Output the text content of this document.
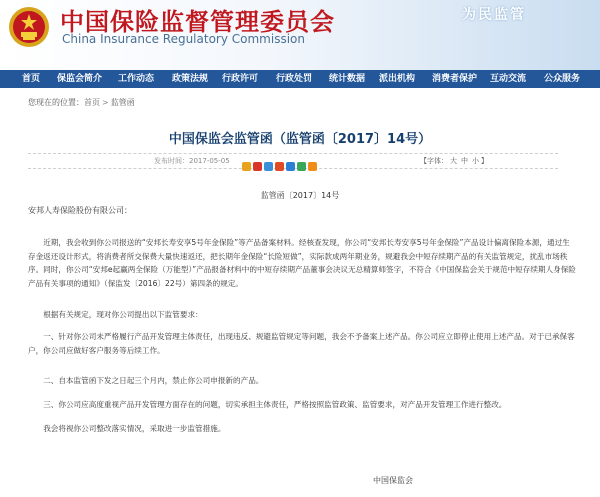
中国保险监督管理委员会
China Insurance Regulatory Commission
为民监管
首页 保监会简介 工作动态 政策法规 行政许可 行政处罚 统计数据 派出机构 消费者保护 互动交流 公众服务
您现在的位置：首页 > 监管函
中国保监会监管函（监管函〔2017〕14号）
发布时间：2017-05-05	【字体： 大 中 小 】
监管函〔2017〕14号
安邦人寿保险股份有限公司：
近期，我会收到你公司报送的“安邦长寿安享5号年金保险”等产品备案材料。经核查发现，你公司“安邦长寿安享5号年金保险”产品设计偏离保险本源，通过生存金返还设计形式，将消费者所交保费大量快速返还，把长期年金保险“长险短做”，实际款成两年期业务，规避我会中短存续期产品的有关监管规定，扰乱市场秩序。同时，你公司“安邦e起赢两全保险（万能型）”产品报备材料中的中短存续期产品董事会决议无总精算师签字，不符合《中国保监会关于规范中短存续期人身保险产品有关事项的通知》（保监发〔2016〕22号）第四条的规定。
根据有关规定，现对你公司提出以下监管要求：
一、针对你公司未严格履行产品开发管理主体责任，出现违反、规避监管规定等问题，我会不予备案上述产品。你公司应立即停止使用上述产品。对于已承保客户，你公司应做好客户服务等后续工作。
二、自本监管函下发之日起三个月内，禁止你公司申报新的产品。
三、你公司应高度重视产品开发管理方面存在的问题，切实承担主体责任，严格按照监管政策、监管要求，对产品开发管理工作进行整改。
我会将视你公司整改落实情况，采取进一步监管措施。
中国保监会
